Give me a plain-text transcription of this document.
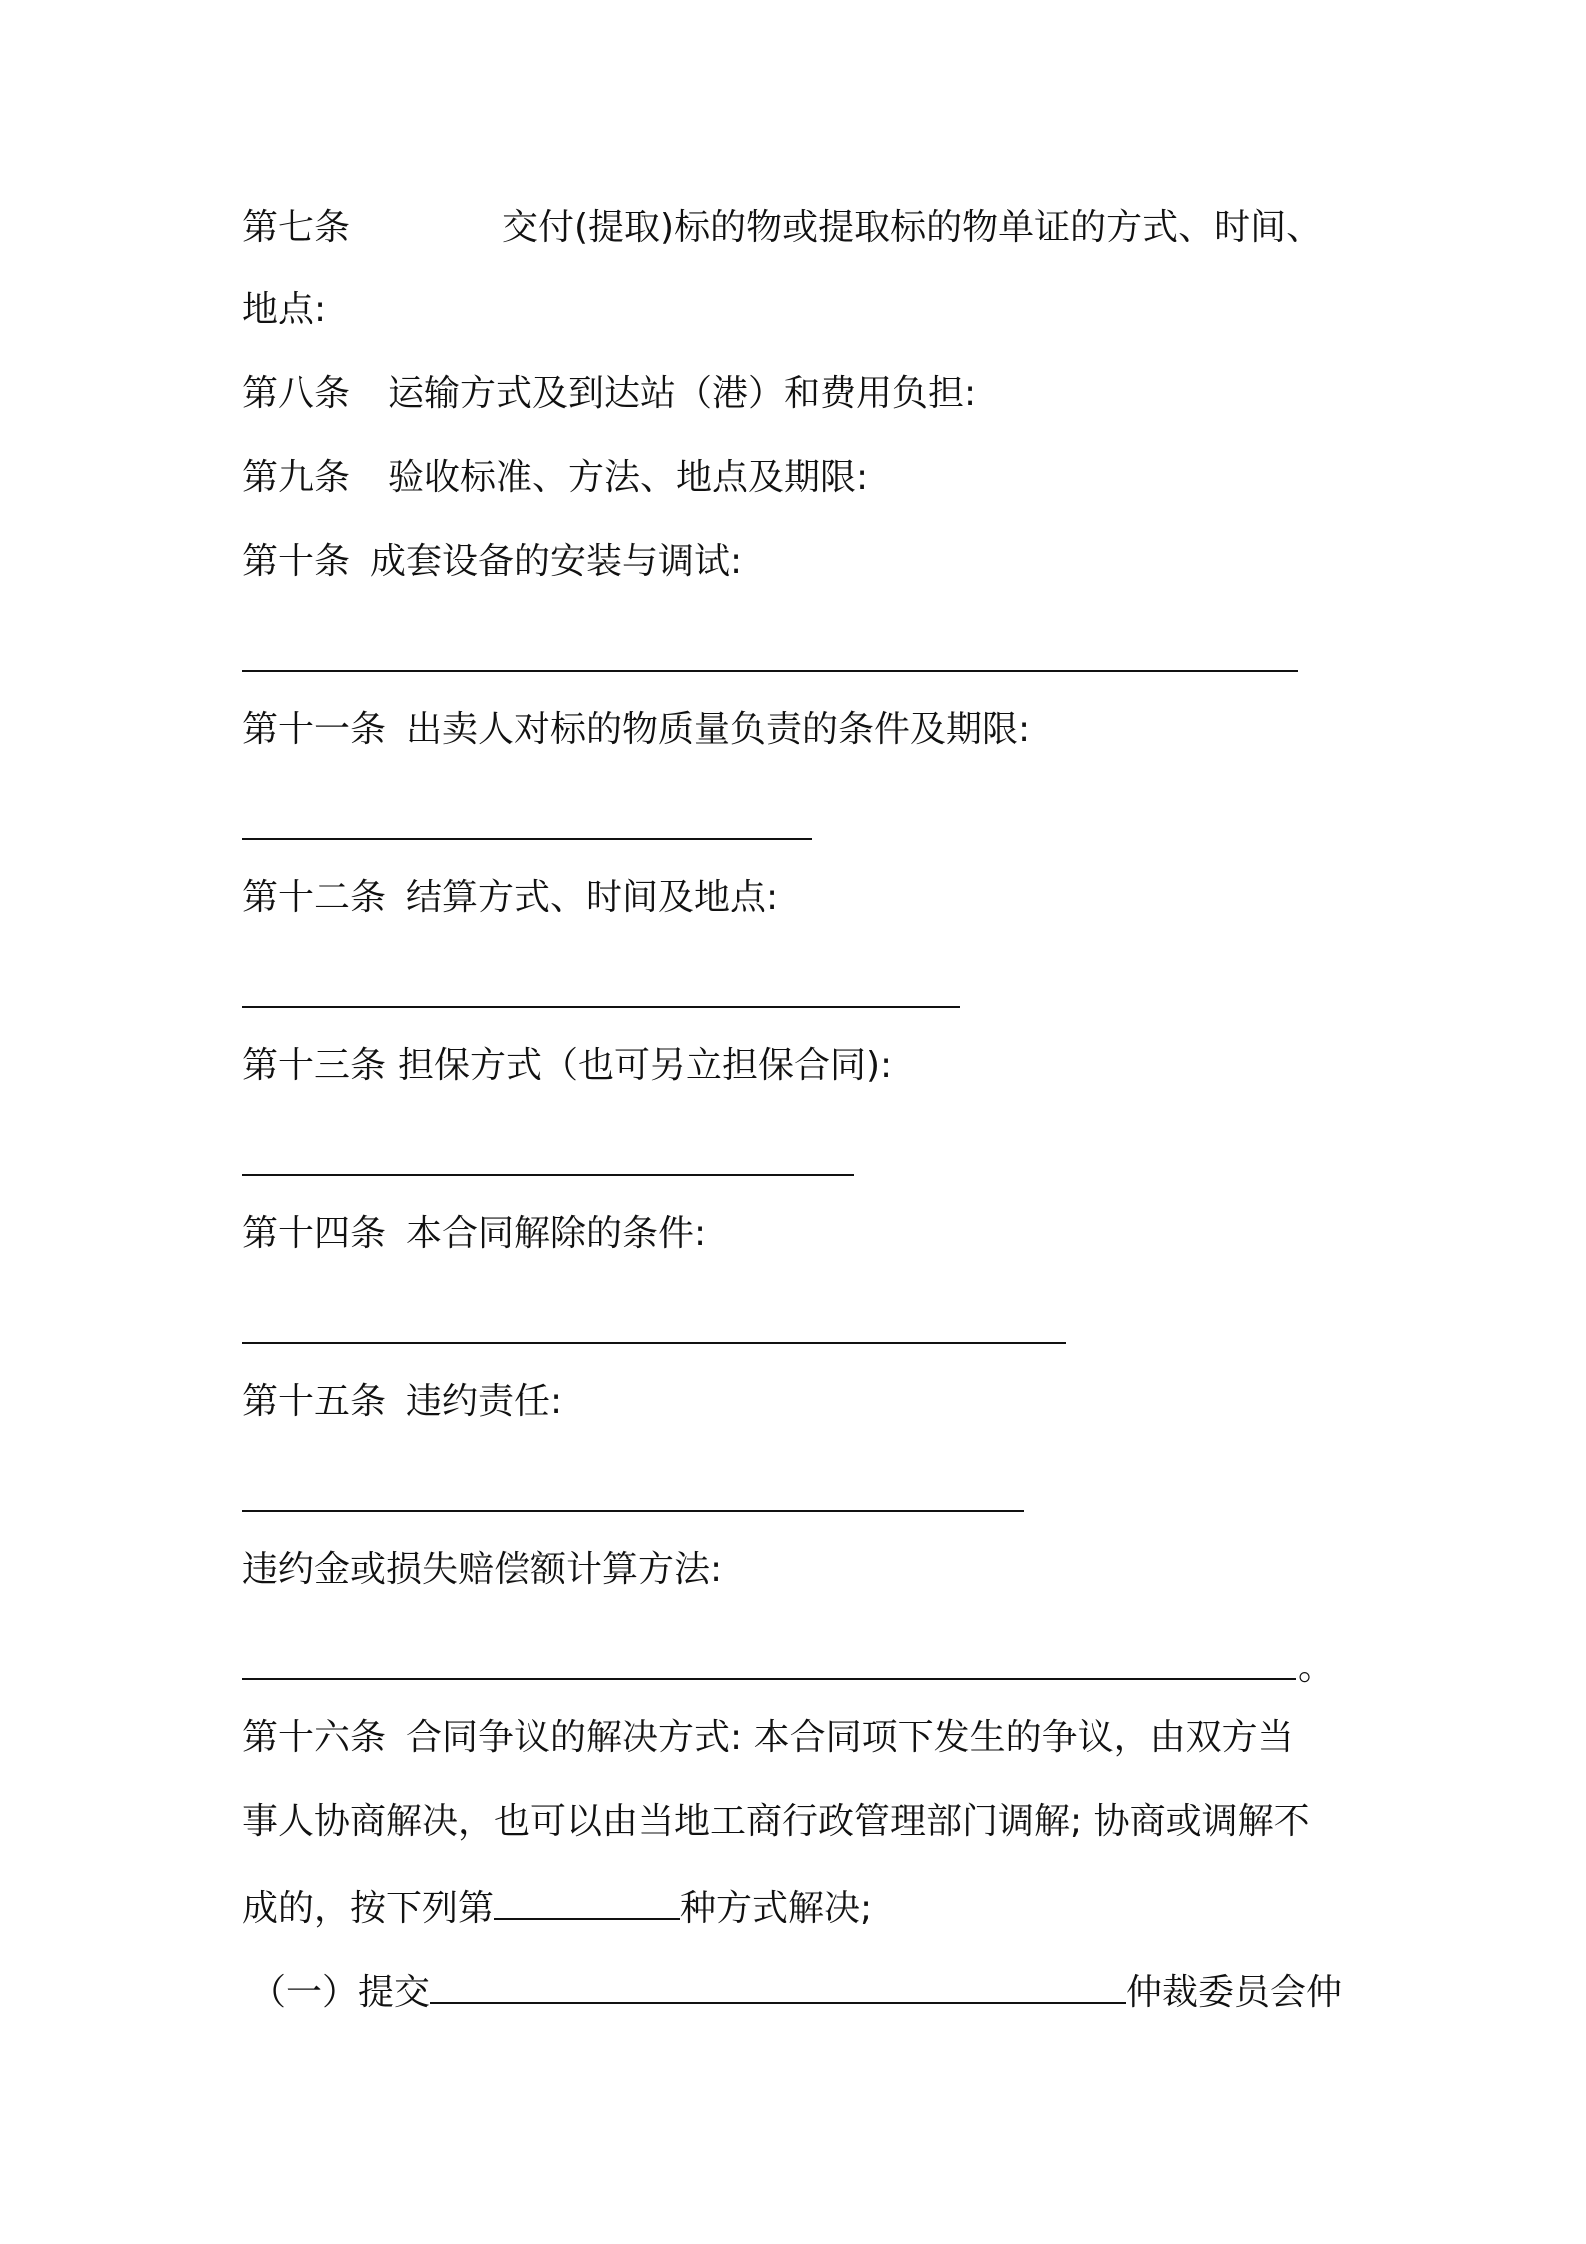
第七条	交付(提取)标的物或提取标的物单证的方式、时间、
地点:
第八条 运输方式及到达站（港）和费用负担:
第九条 验收标准、方法、地点及期限:
第十条 成套设备的安装与调试:
第十一条 出卖人对标的物质量负责的条件及期限:
第十二条 结算方式、时间及地点:
第十三条 担保方式（也可另立担保合同):
第十四条 本合同解除的条件:
第十五条 违约责任:
违约金或损失赔偿额计算方法:
。
第十六条 合同争议的解决方式: 本合同项下发生的争议，由双方当
事人协商解决，也可以由当地工商行政管理部门调解; 协商或调解不
成的，按下列第	种方式解决;
（一）提交	仲裁委员会仲
